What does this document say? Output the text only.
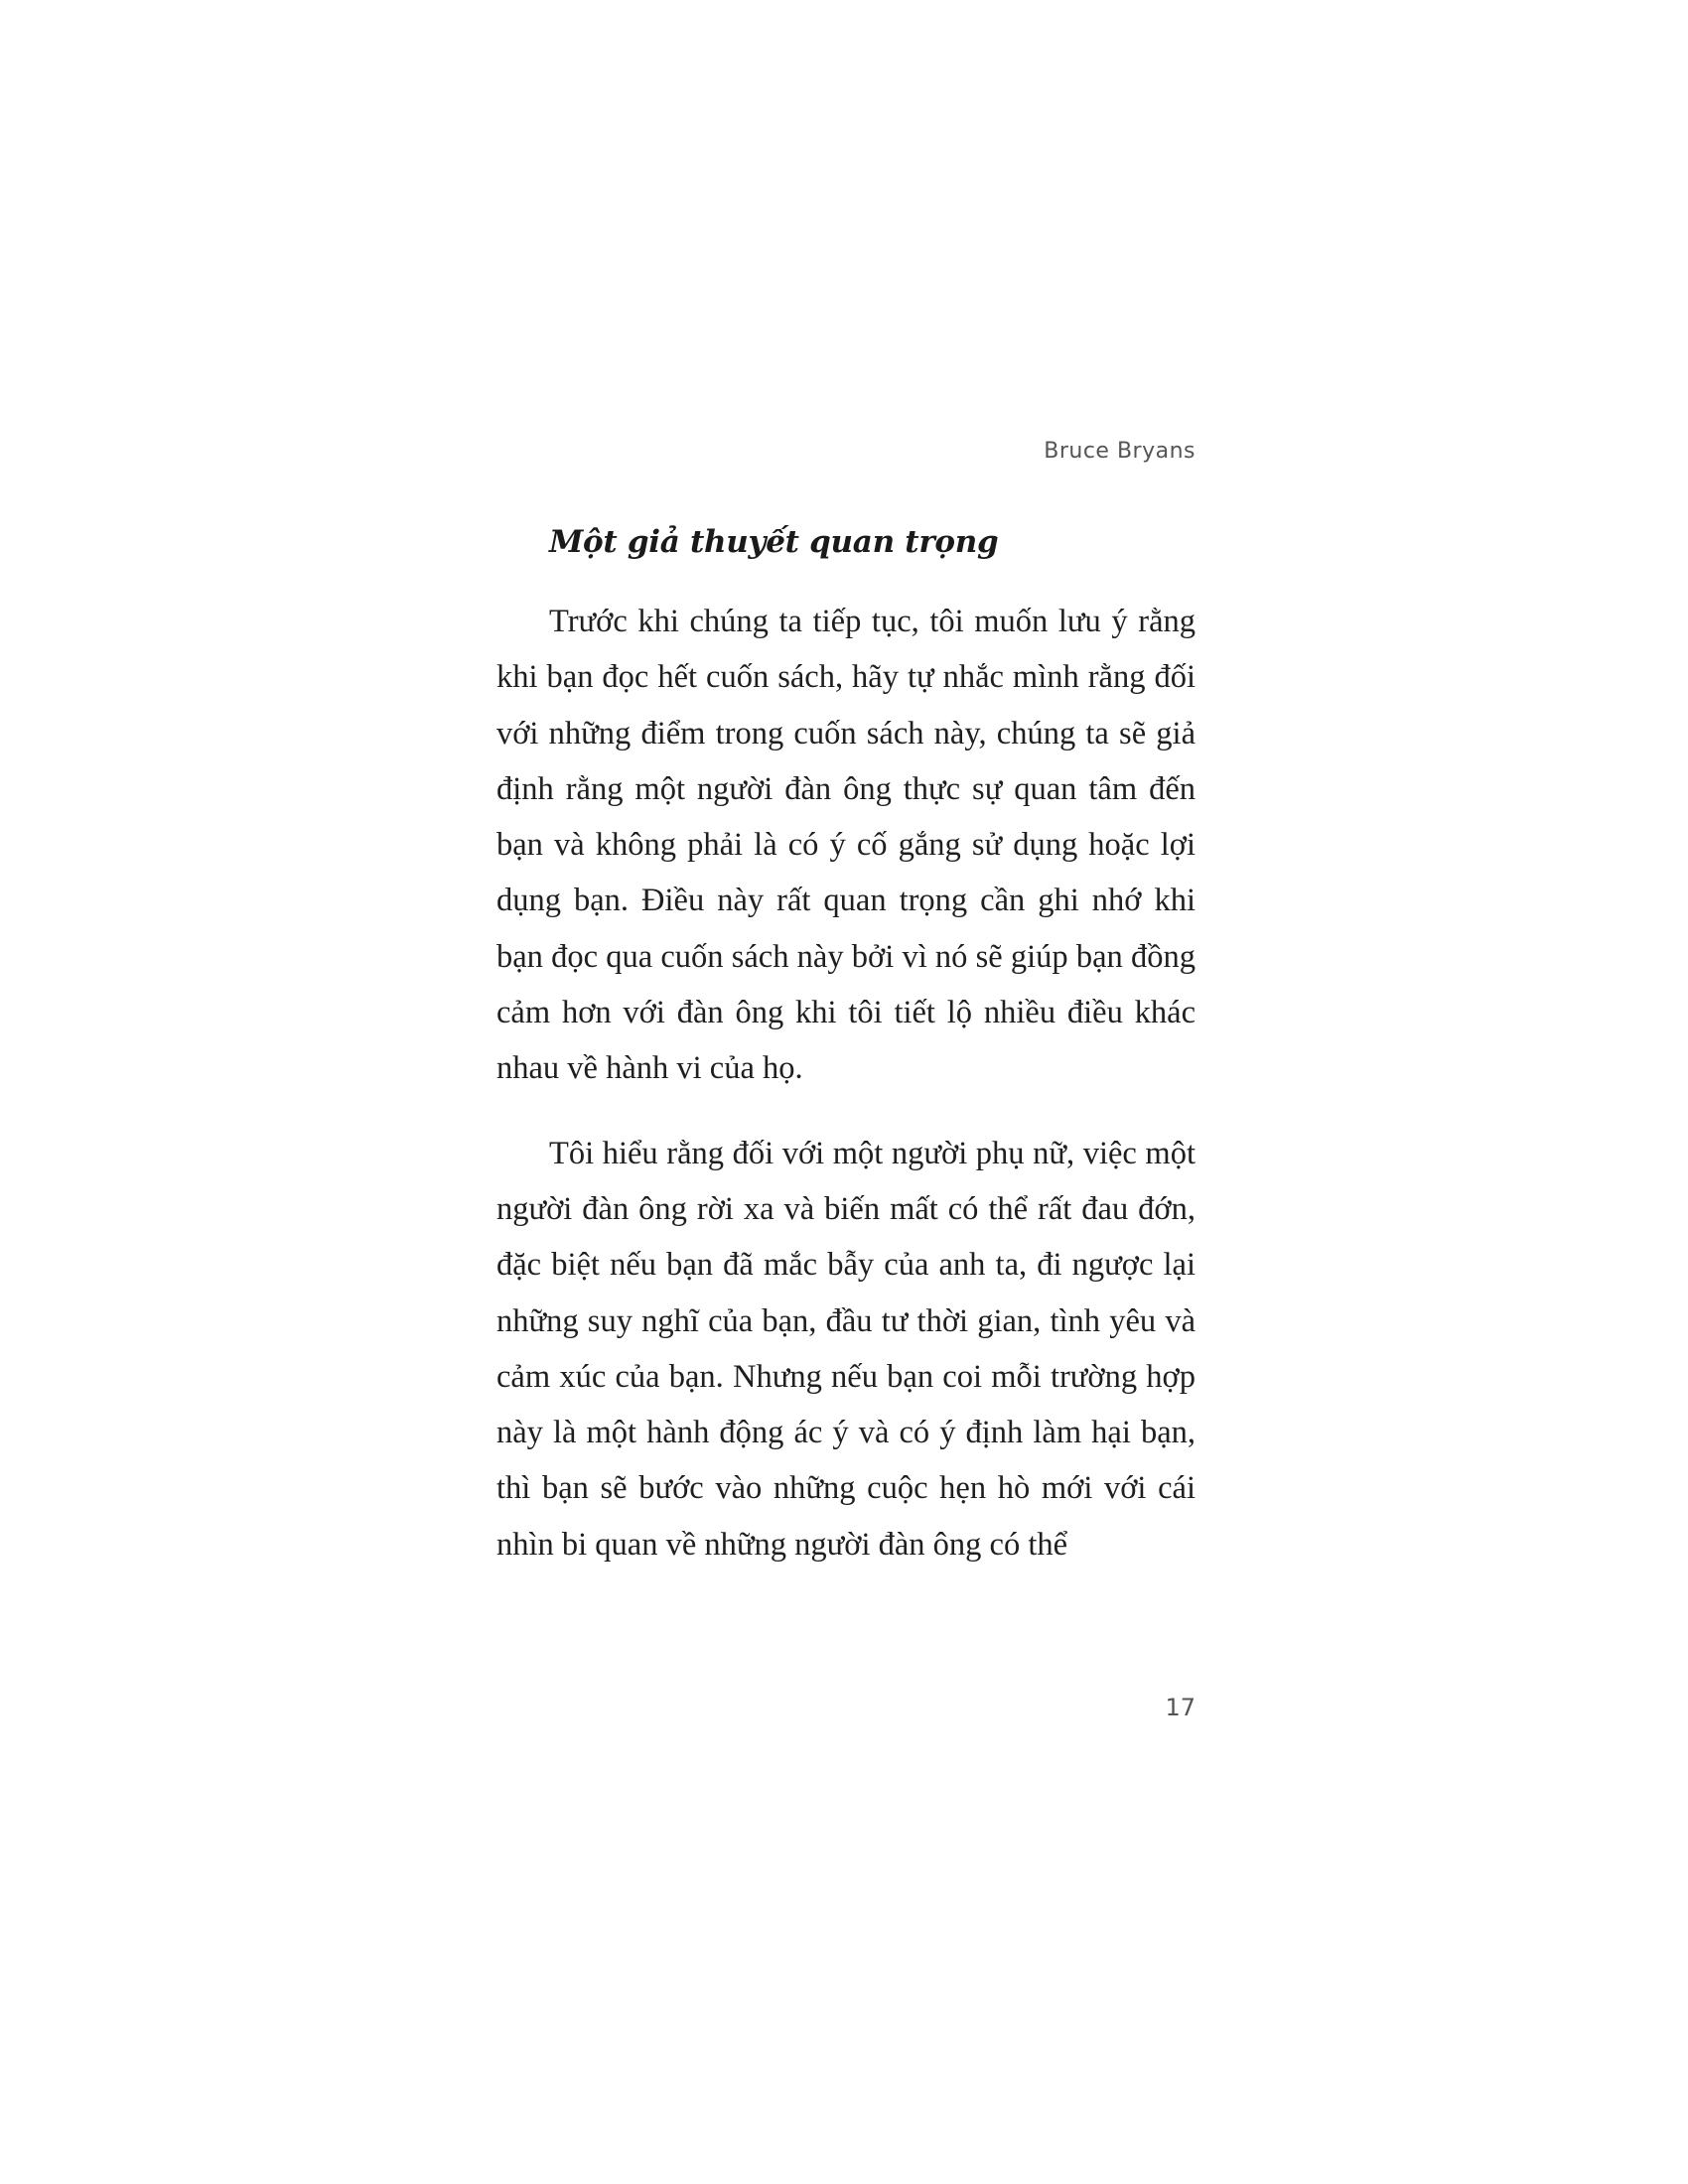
Bruce Bryans

Một giả thuyết quan trọng

Trước khi chúng ta tiếp tục, tôi muốn lưu ý rằng khi bạn đọc hết cuốn sách, hãy tự nhắc mình rằng đối với những điểm trong cuốn sách này, chúng ta sẽ giả định rằng một người đàn ông thực sự quan tâm đến bạn và không phải là có ý cố gắng sử dụng hoặc lợi dụng bạn. Điều này rất quan trọng cần ghi nhớ khi bạn đọc qua cuốn sách này bởi vì nó sẽ giúp bạn đồng cảm hơn với đàn ông khi tôi tiết lộ nhiều điều khác nhau về hành vi của họ.

Tôi hiểu rằng đối với một người phụ nữ, việc một người đàn ông rời xa và biến mất có thể rất đau đớn, đặc biệt nếu bạn đã mắc bẫy của anh ta, đi ngược lại những suy nghĩ của bạn, đầu tư thời gian, tình yêu và cảm xúc của bạn. Nhưng nếu bạn coi mỗi trường hợp này là một hành động ác ý và có ý định làm hại bạn, thì bạn sẽ bước vào những cuộc hẹn hò mới với cái nhìn bi quan về những người đàn ông có thể

17
